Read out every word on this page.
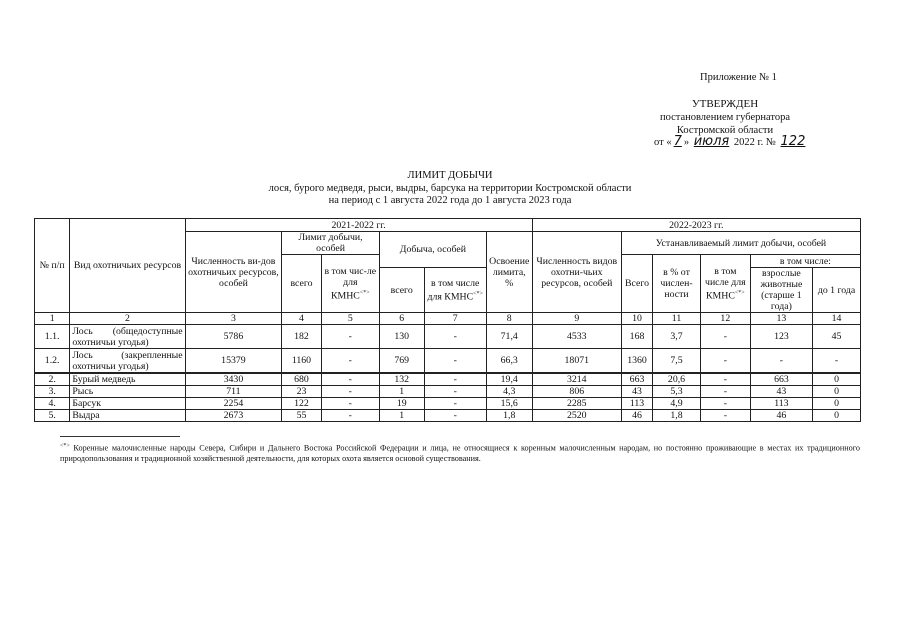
Приложение № 1
УТВЕРЖДЕН
постановлением губернатора
Костромской области
от « 7 » июля 2022 г. № 122
ЛИМИТ ДОБЫЧИ
лося, бурого медведя, рыси, выдры, барсука на территории Костромской области
на период с 1 августа 2022 года до 1 августа 2023 года
№ п/п	Вид охотничьих ресурсов	2021-2022 гг.						2022-2023 гг.					
		Численность ви-дов охотничьих ресурсов, особей	Лимит добычи, особей		Добыча, особей		Освоение лимита, %	Численность видов охотни-чьих ресурсов, особей	Устанавливаемый лимит добычи, особей				
			всего	в том чис-ле для КМНС<*>					Всего	в % от числен-ности	в том числе для КМНС<*>	в том числе:	
					всего	в том числе для КМНС<*>						взрослые животные (старше 1 года)	до 1 года
1	2	3	4	5	6	7	8	9	10	11	12	13	14
1.1.	Лось (общедоступные
охотничьи угодья)	5786	182	-	130	-	71,4	4533	168	3,7	-	123	45
1.2.	Лось (закрепленные
охотничьи угодья)	15379	1160	-	769	-	66,3	18071	1360	7,5	-	-	-
2.	Бурый медведь	3430	680	-	132	-	19,4	3214	663	20,6	-	663	0
3.	Рысь	711	23	-	1	-	4,3	806	43	5,3	-	43	0
4.	Барсук	2254	122	-	19	-	15,6	2285	113	4,9	-	113	0
5.	Выдра	2673	55	-	1	-	1,8	2520	46	1,8	-	46	0
<*> Коренные малочисленные народы Севера, Сибири и Дальнего Востока Российской Федерации и лица, не относящиеся к коренным малочисленным народам, но постоянно проживающие в местах их традиционного природопользования и традиционной хозяйственной деятельности, для которых охота является основой существования.
